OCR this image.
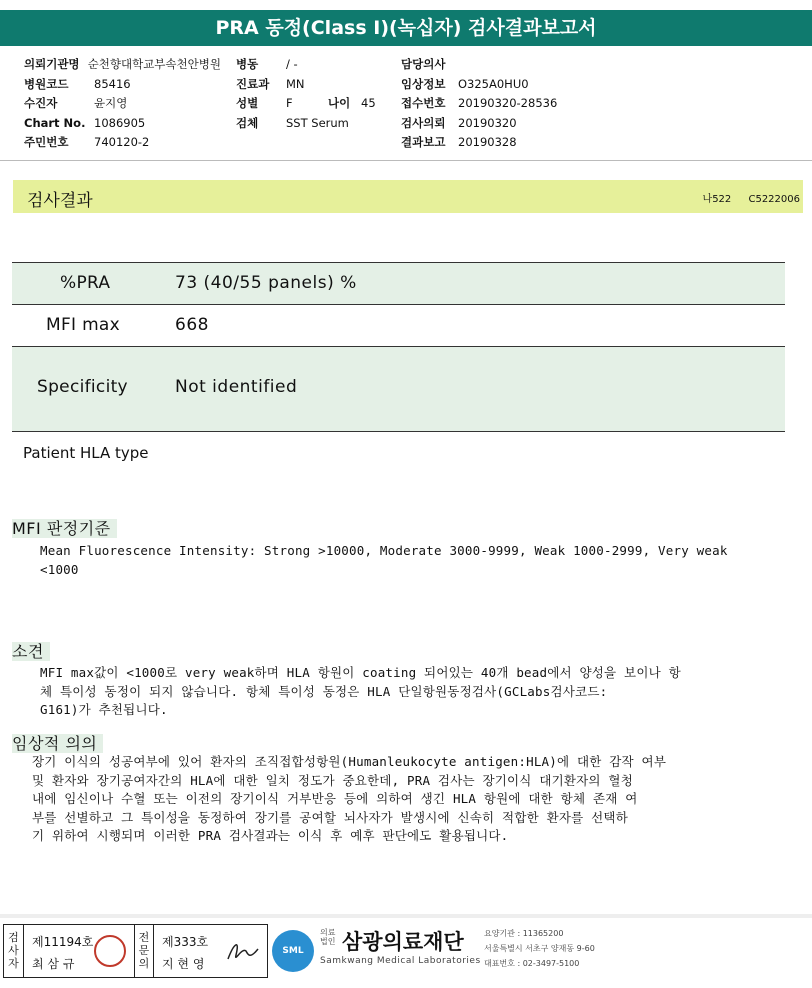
PRA 동정(Class I)(녹십자) 검사결과보고서
의뢰기관명 순천향대학교부속천안병원
병원코드 85416
수진자	윤지영
Chart No. 1086905
주민번호 740120-2
병동 / -
진료과 MN
성별 F	나이 45
검체 SST Serum
담당의사
임상정보 O325A0HU0
접수번호 20190320-28536
검사의뢰 20190320
결과보고 20190328
검사결과	나522 C5222006
%PRA	73 (40/55 panels) %
MFI max	668
Specificity	Not identified
Patient HLA type
MFI 판정기준
Mean Fluorescence Intensity: Strong >10000, Moderate 3000-9999, Weak 1000-2999, Very weak
<1000
소견
MFI max값이 <1000로 very weak하며 HLA 항원이 coating 되어있는 40개 bead에서 양성을 보이나 항
체 특이성 동정이 되지 않습니다. 항체 특이성 동정은 HLA 단일항원동정검사(GCLabs검사코드:
G161)가 추천됩니다.
임상적 의의
장기 이식의 성공여부에 있어 환자의 조직접합성항원(Humanleukocyte antigen:HLA)에 대한 감작 여부
및 환자와 장기공여자간의 HLA에 대한 일치 정도가 중요한데, PRA 검사는 장기이식 대기환자의 혈청
내에 임신이나 수혈 또는 이전의 장기이식 거부반응 등에 의하여 생긴 HLA 항원에 대한 항체 존재 여
부를 선별하고 그 특이성을 동정하여 장기를 공여할 뇌사자가 발생시에 신속히 적합한 환자를 선택하
기 위하여 시행되며 이러한 PRA 검사결과는 이식 후 예후 판단에도 활용됩니다.
검사자
제11194호
최 삼 규
전문의
제333호
지 현 영
SML
의료
법인 삼광의료재단
Samkwang Medical Laboratories
요양기관 : 11365200
서울특별시 서초구 양재동 9-60
대표번호 : 02-3497-5100
